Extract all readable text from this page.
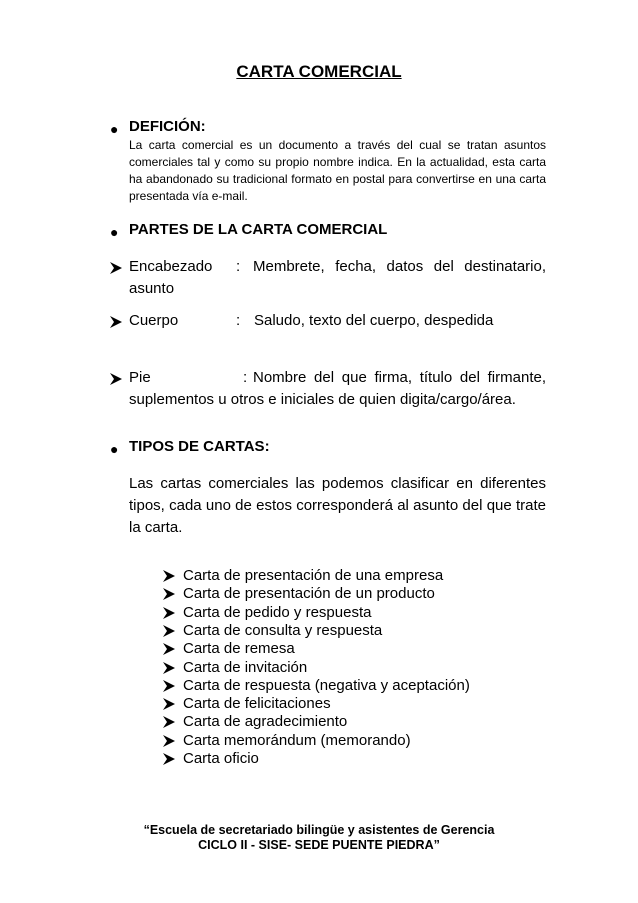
CARTA COMERCIAL
● DEFICIÓN:
La carta comercial es un documento a través del cual se tratan asuntos comerciales tal y como su propio nombre indica. En la actualidad, esta carta ha abandonado su tradicional formato en postal para convertirse en una carta presentada vía e-mail.
● PARTES DE LA CARTA COMERCIAL
Encabezado : Membrete, fecha, datos del destinatario, asunto
Cuerpo	: Saludo, texto del cuerpo, despedida
Pie	: Nombre del que firma, título del firmante, suplementos u otros e iniciales de quien digita/cargo/área.
● TIPOS DE CARTAS:
Las cartas comerciales las podemos clasificar en diferentes tipos, cada uno de estos corresponderá al asunto del que trate la carta.
Carta de presentación de una empresa
Carta de presentación de un producto
Carta de pedido y respuesta
Carta de consulta y respuesta
Carta de remesa
Carta de invitación
Carta de respuesta (negativa y aceptación)
Carta de felicitaciones
Carta de agradecimiento
Carta memorándum (memorando)
Carta oficio
“Escuela de secretariado bilingüe y asistentes de Gerencia
CICLO II - SISE- SEDE PUENTE PIEDRA”
